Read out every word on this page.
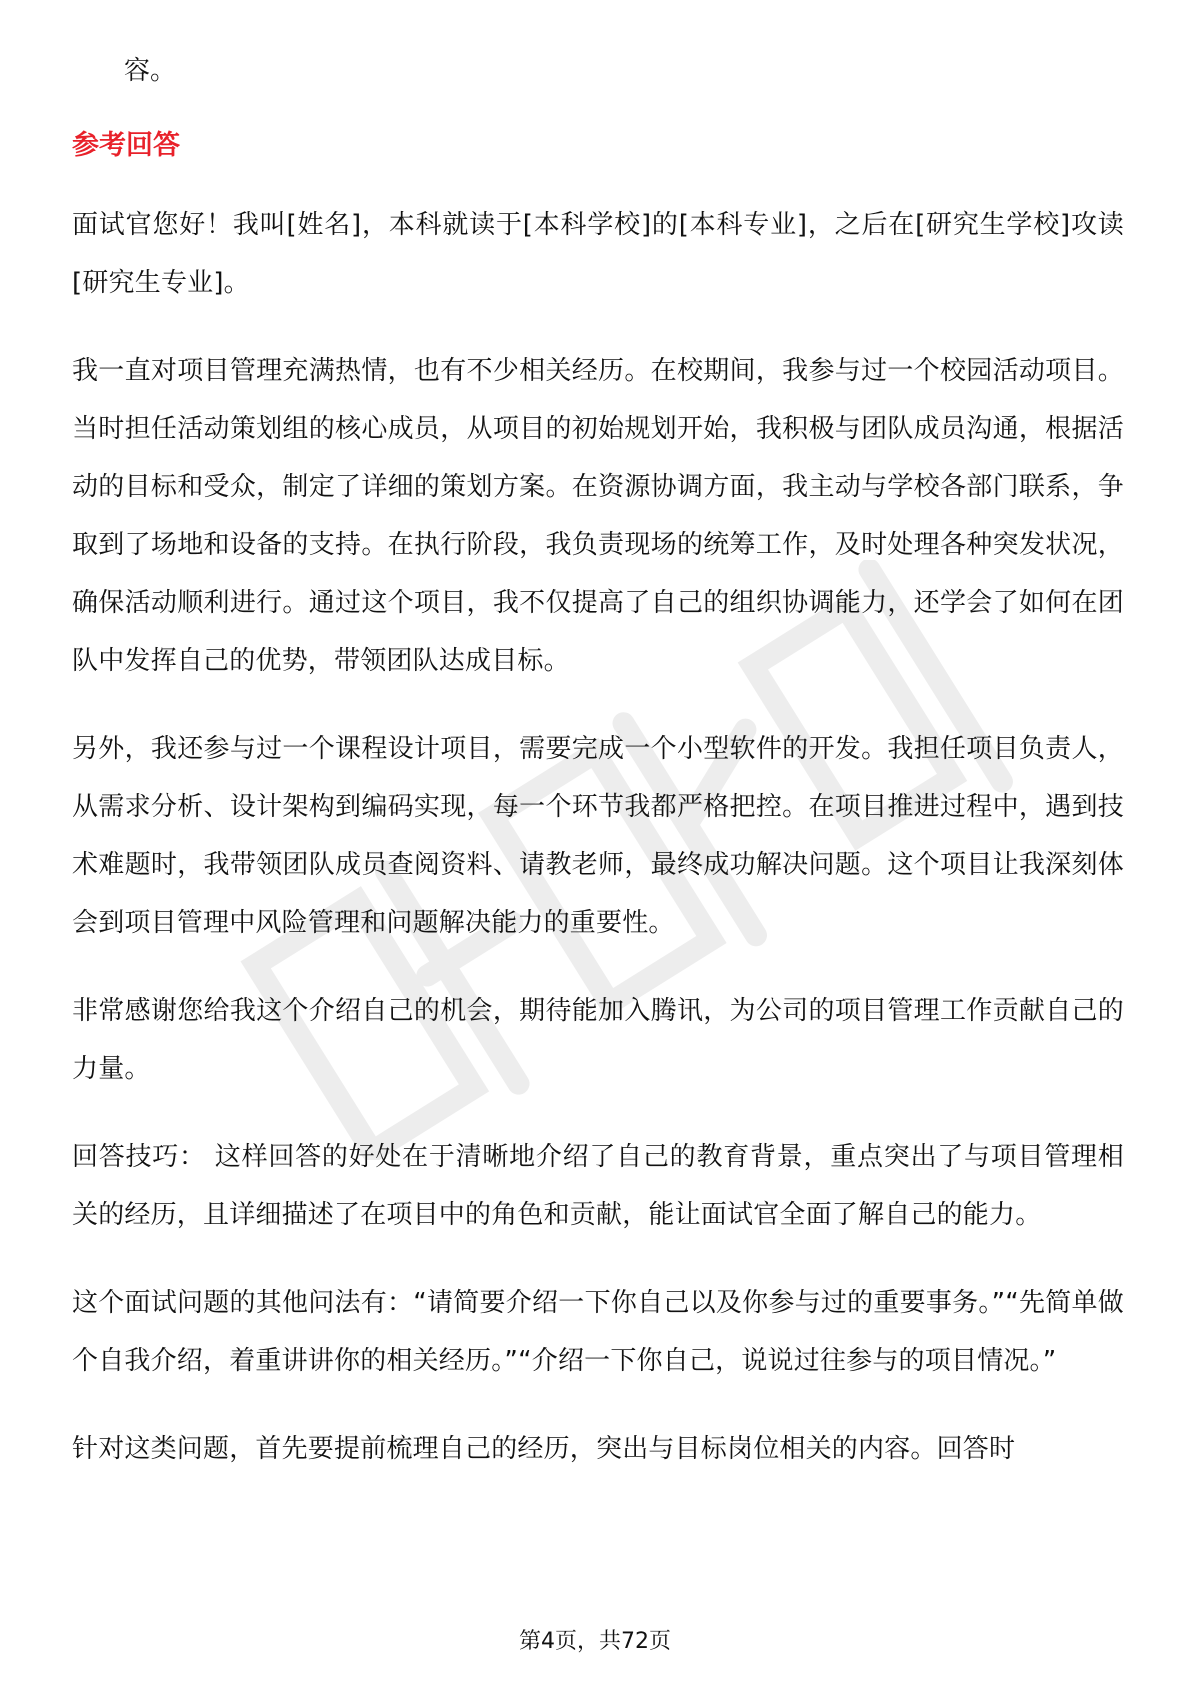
容。

参考回答

面试官您好！我叫[姓名]，本科就读于[本科学校]的[本科专业]，之后在[研究生学校]攻读[研究生专业]。

我一直对项目管理充满热情，也有不少相关经历。在校期间，我参与过一个校园活动项目。当时担任活动策划组的核心成员，从项目的初始规划开始，我积极与团队成员沟通，根据活动的目标和受众，制定了详细的策划方案。在资源协调方面，我主动与学校各部门联系，争取到了场地和设备的支持。在执行阶段，我负责现场的统筹工作，及时处理各种突发状况，确保活动顺利进行。通过这个项目，我不仅提高了自己的组织协调能力，还学会了如何在团队中发挥自己的优势，带领团队达成目标。

另外，我还参与过一个课程设计项目，需要完成一个小型软件的开发。我担任项目负责人，从需求分析、设计架构到编码实现，每一个环节我都严格把控。在项目推进过程中，遇到技术难题时，我带领团队成员查阅资料、请教老师，最终成功解决问题。这个项目让我深刻体会到项目管理中风险管理和问题解决能力的重要性。

非常感谢您给我这个介绍自己的机会，期待能加入腾讯，为公司的项目管理工作贡献自己的力量。

回答技巧： 这样回答的好处在于清晰地介绍了自己的教育背景，重点突出了与项目管理相关的经历，且详细描述了在项目中的角色和贡献，能让面试官全面了解自己的能力。

这个面试问题的其他问法有：“请简要介绍一下你自己以及你参与过的重要事务。”“先简单做个自我介绍，着重讲讲你的相关经历。”“介绍一下你自己，说说过往参与的项目情况。”

针对这类问题，首先要提前梳理自己的经历，突出与目标岗位相关的内容。回答时

第4页，共72页
